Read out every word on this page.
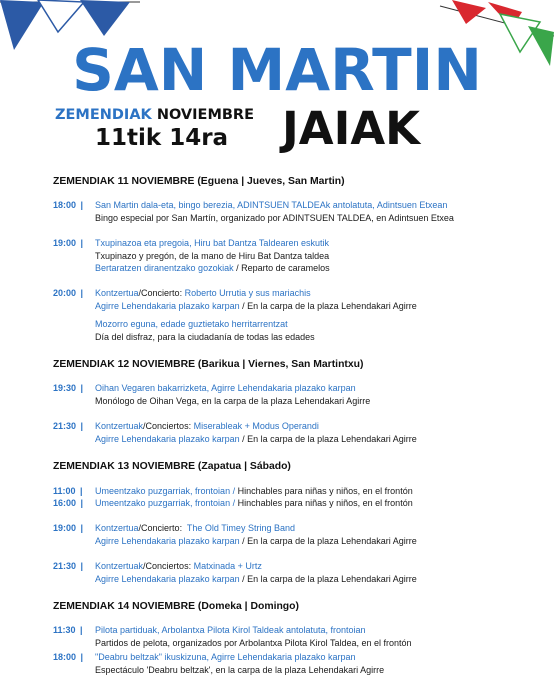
SAN MARTIN
ZEMENDIAK NOVIEMBRE
11tik 14ra JAIAK
ZEMENDIAK 11 NOVIEMBRE (Eguena | Jueves, San Martin)
18:00 |	San Martin dala-eta, bingo berezia, ADINTSUEN TALDEAk antolatuta, Adintsuen Etxean
Bingo especial por San Martín, organizado por ADINTSUEN TALDEA, en Adintsuen Etxea
19:00 |	Txupinazoa eta pregoia, Hiru bat Dantza Taldearen eskutik
Txupinazo y pregón, de la mano de Hiru Bat Dantza taldea
Bertaratzen diranentzako gozokiak / Reparto de caramelos
20:00 |	Kontzertua/Concierto: Roberto Urrutia y sus mariachis
Agirre Lehendakaria plazako karpan / En la carpa de la plaza Lehendakari Agirre
Mozorro eguna, edade guztietako herritarrentzat
Día del disfraz, para la ciudadanía de todas las edades
ZEMENDIAK 12 NOVIEMBRE (Barikua | Viernes, San Martintxu)
19:30 |	Oihan Vegaren bakarrizketa, Agirre Lehendakaria plazako karpan
Monólogo de Oihan Vega, en la carpa de la plaza Lehendakari Agirre
21:30 |	Kontzertuak/Conciertos: Miserableak + Modus Operandi
Agirre Lehendakaria plazako karpan / En la carpa de la plaza Lehendakari Agirre
ZEMENDIAK 13 NOVIEMBRE (Zapatua | Sábado)
11:00 |	Umeentzako puzgarriak, frontoian / Hinchables para niñas y niños, en el frontón
16:00 |	Umeentzako puzgarriak, frontoian / Hinchables para niñas y niños, en el frontón
19:00 |	Kontzertua/Concierto: The Old Timey String Band
Agirre Lehendakaria plazako karpan / En la carpa de la plaza Lehendakari Agirre
21:30 |	Kontzertuak/Conciertos: Matxinada + Urtz
Agirre Lehendakaria plazako karpan / En la carpa de la plaza Lehendakari Agirre
ZEMENDIAK 14 NOVIEMBRE (Domeka | Domingo)
11:30 |	Pilota partiduak, Arbolantxa Pilota Kirol Taldeak antolatuta, frontoian
Partidos de pelota, organizados por Arbolantxa Pilota Kirol Taldea, en el frontón
18:00 |	"Deabru beltzak" ikuskizuna, Agirre Lehendakaria plazako karpan
Espectáculo 'Deabru beltzak', en la carpa de la plaza Lehendakari Agirre
